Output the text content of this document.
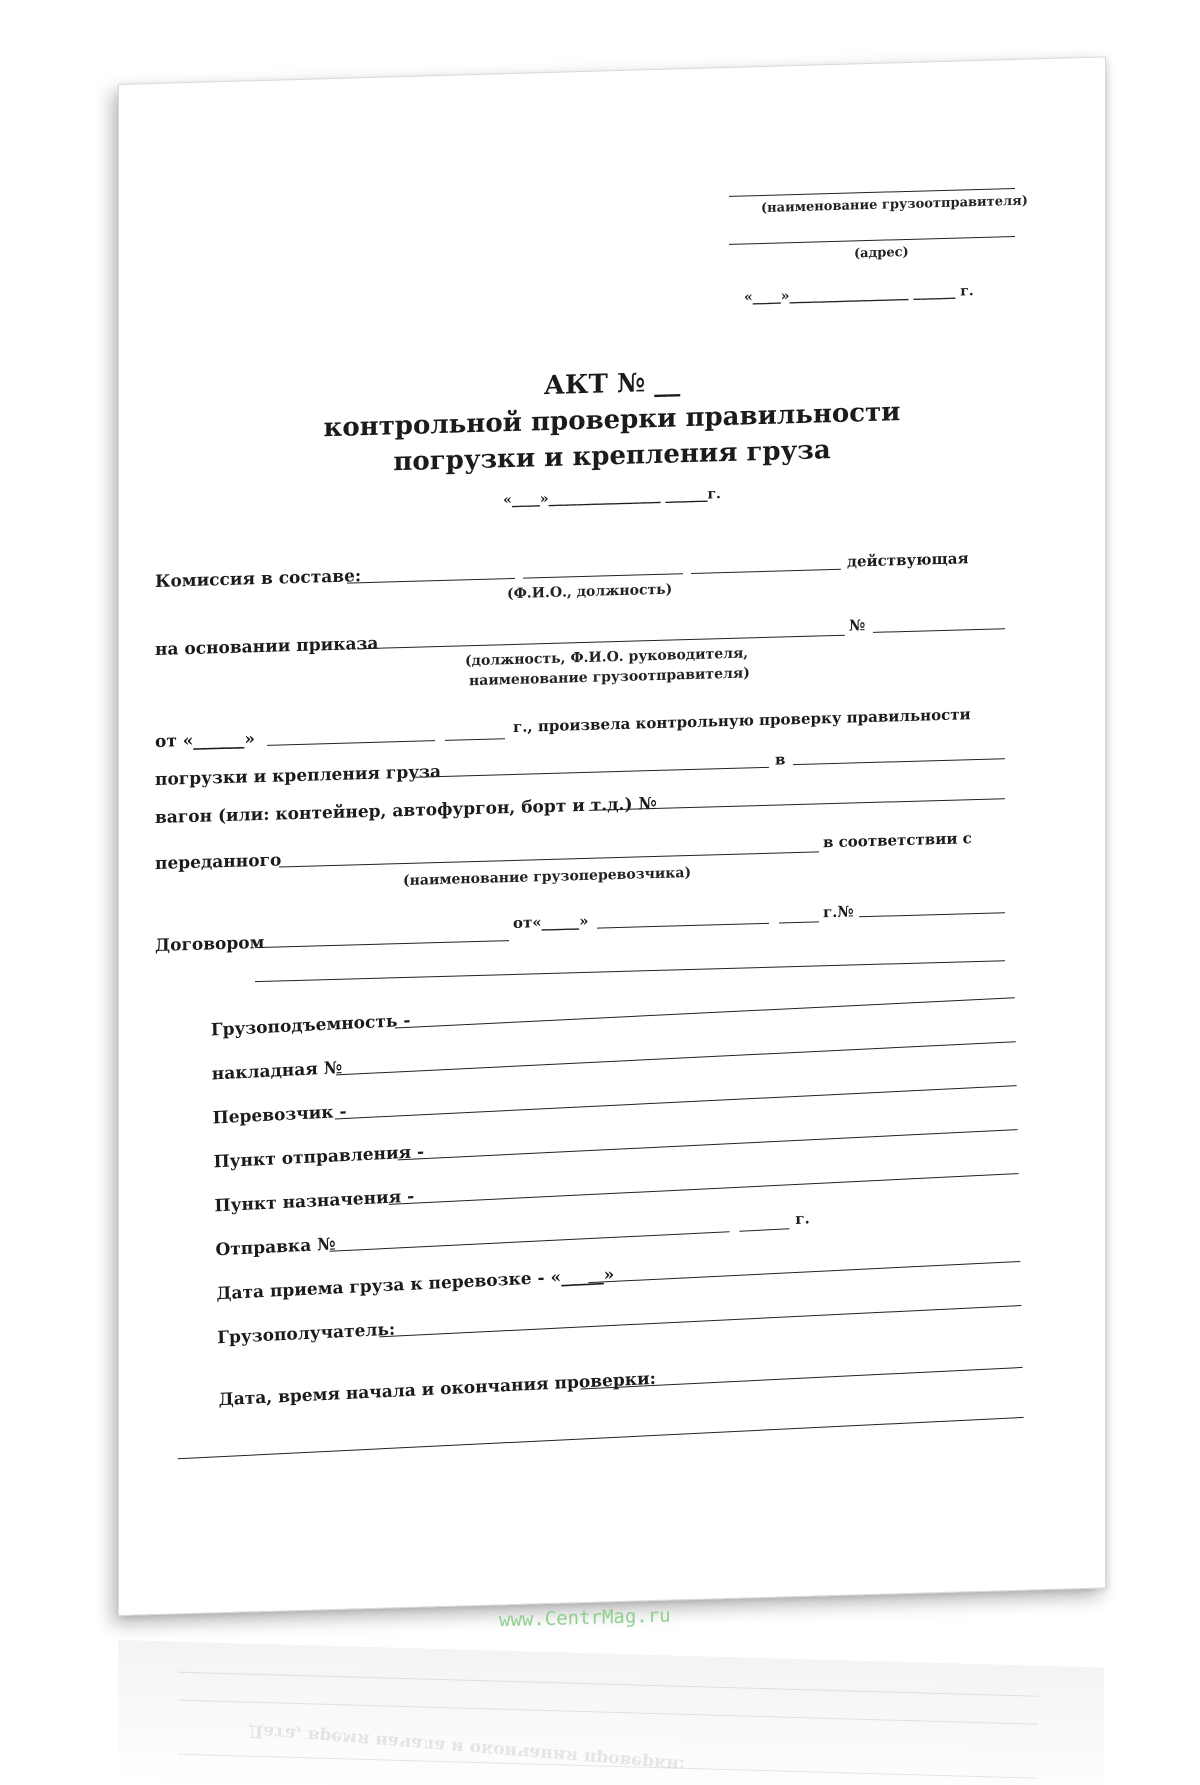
Дата, время начала и окончания проверки:
(наименование грузоотправителя)
(адрес)
«____»_________________ ______ г.
АКТ № __
контрольной проверки правильности
погрузки и крепления груза
«____»________________ ______г.
Комиссия в составе:
действующая
(Ф.И.О., должность)
на основании приказа
№
(должность, Ф.И.О. руководителя,
наименование грузоотправителя)
от «______»
г., произвела контрольную проверку правильности
погрузки и крепления груза
в
вагон (или: контейнер, автофургон, борт и т.д.) №
переданного
в соответствии с
(наименование грузоперевозчика)
Договором
от«_____»	г.№
Грузоподъемность -
накладная №
Перевозчик -
Пункт отправления -
Пункт назначения -
Отправка №
г.
Дата приема груза к перевозке - «_____»
Грузополучатель:
Дата, время начала и окончания проверки:
www.CentrMag.ru
